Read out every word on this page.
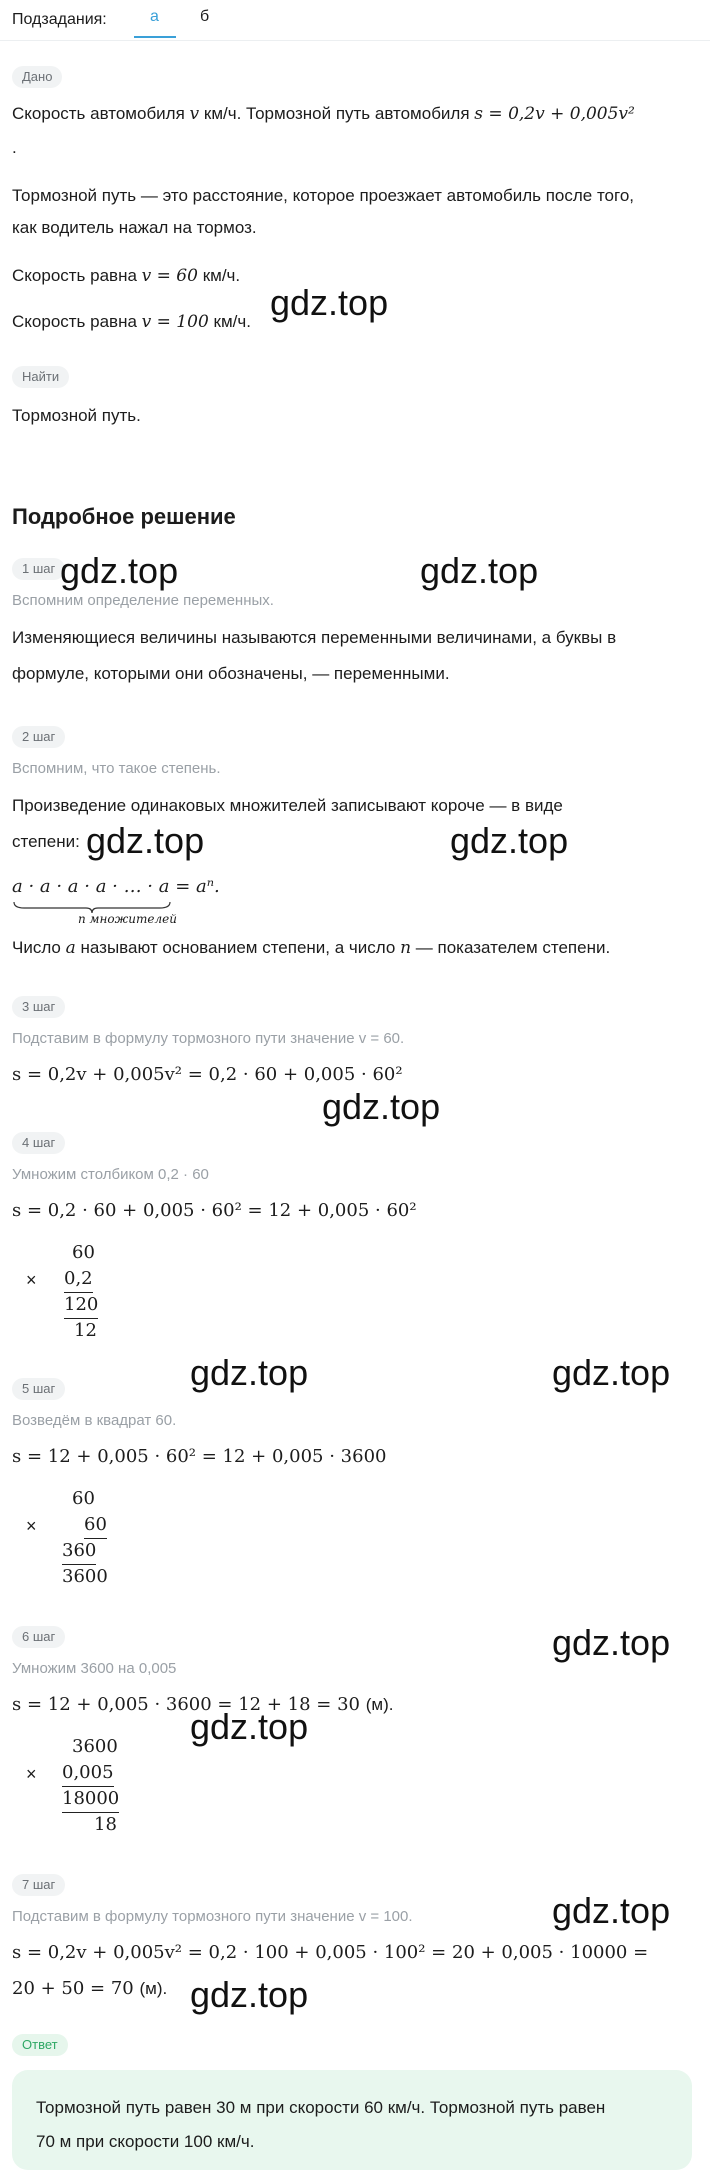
Подзадания:	а	б
Дано
Скорость автомобиля v км/ч. Тормозной путь автомобиля s = 0,2v + 0,005v²
.
Тормозной путь — это расстояние, которое проезжает автомобиль после того,
как водитель нажал на тормоз.
Скорость равна v = 60 км/ч.
Скорость равна v = 100 км/ч.
Найти
Тормозной путь.
Подробное решение
1 шаг
Вспомним определение переменных.
Изменяющиеся величины называются переменными величинами, а буквы в
формуле, которыми они обозначены, — переменными.
2 шаг
Вспомним, что такое степень.
Произведение одинаковых множителей записывают короче — в виде
степени:
a · a · a · a · … · a = aⁿ.
n множителей
Число a называют основанием степени, а число n — показателем степени.
3 шаг
Подставим в формулу тормозного пути значение v = 60.
s = 0,2v + 0,005v² = 0,2 · 60 + 0,005 · 60²
4 шаг
Умножим столбиком 0,2 · 60
s = 0,2 · 60 + 0,005 · 60² = 12 + 0,005 · 60²
×
60
0,2
120
12
5 шаг
Возведём в квадрат 60.
s = 12 + 0,005 · 60² = 12 + 0,005 · 3600
×
60
60
360
3600
6 шаг
Умножим 3600 на 0,005
s = 12 + 0,005 · 3600 = 12 + 18 = 30 (м).
×
3600
0,005
18000
18
7 шаг
Подставим в формулу тормозного пути значение v = 100.
s = 0,2v + 0,005v² = 0,2 · 100 + 0,005 · 100² = 20 + 0,005 · 10000 =
20 + 50 = 70 (м).
Ответ
Тормозной путь равен 30 м при скорости 60 км/ч. Тормозной путь равен
70 м при скорости 100 км/ч.
gdz.top
gdz.top	gdz.top
gdz.top	gdz.top
gdz.top
gdz.top	gdz.top
gdz.top
gdz.top
gdz.top
gdz.top
